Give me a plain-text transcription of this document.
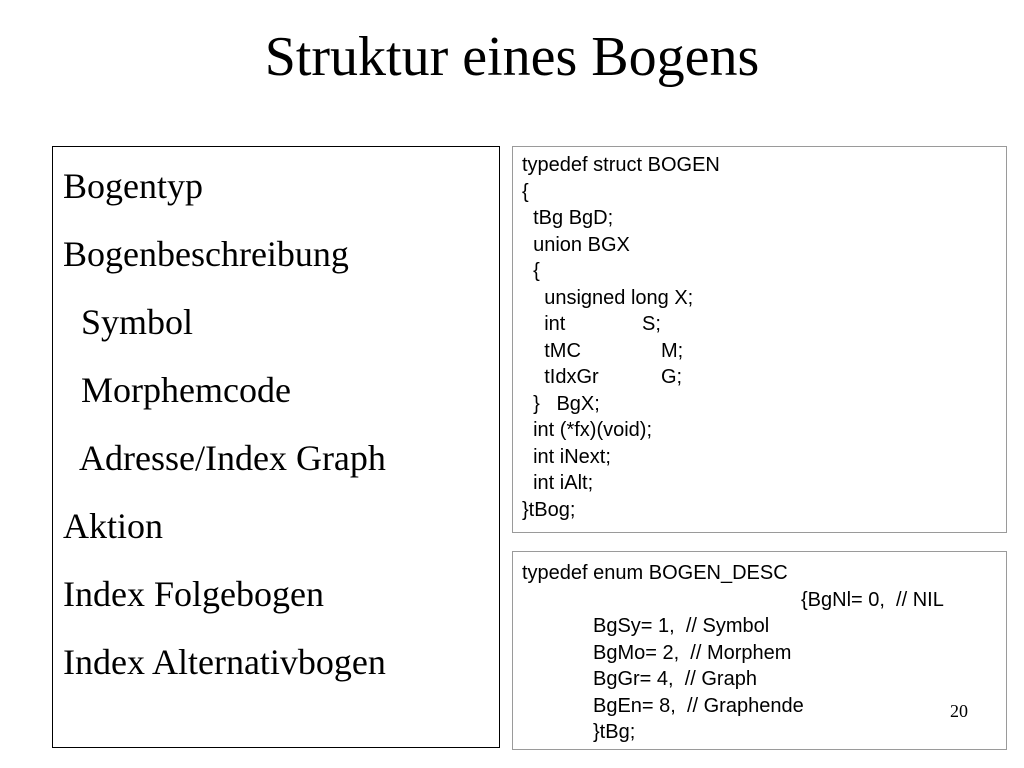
Struktur eines Bogens
Bogentyp
Bogenbeschreibung
Symbol
Morphemcode
Adresse/Index Graph
Aktion
Index Folgebogen
Index Alternativbogen
typedef struct BOGEN
{
tBg BgD;
union BGX
{
unsigned long X;
int	S;
tMC	M;
tIdxGr	G;
}   BgX;
int (*fx)(void);
int iNext;
int iAlt;
}tBog;
typedef enum BOGEN_DESC
{BgNl= 0,  // NIL
BgSy= 1,  // Symbol
BgMo= 2,  // Morphem
BgGr= 4,  // Graph
BgEn= 8,  // Graphende
}tBg;
20
